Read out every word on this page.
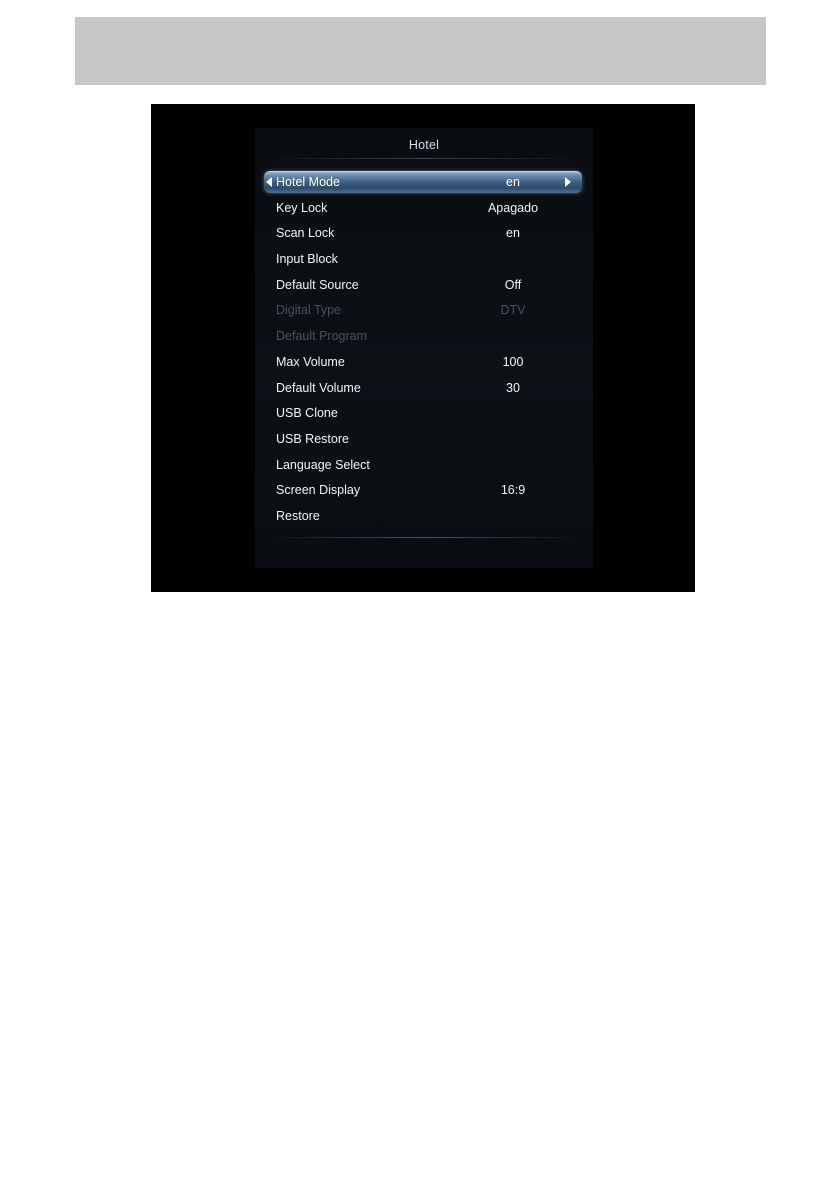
Hotel
Hotel Mode	en
Key Lock	Apagado
Scan Lock	en
Input Block
Default Source	Off
Digital Type	DTV
Default Program
Max Volume	100
Default Volume	30
USB Clone
USB Restore
Language Select
Screen Display	16:9
Restore
